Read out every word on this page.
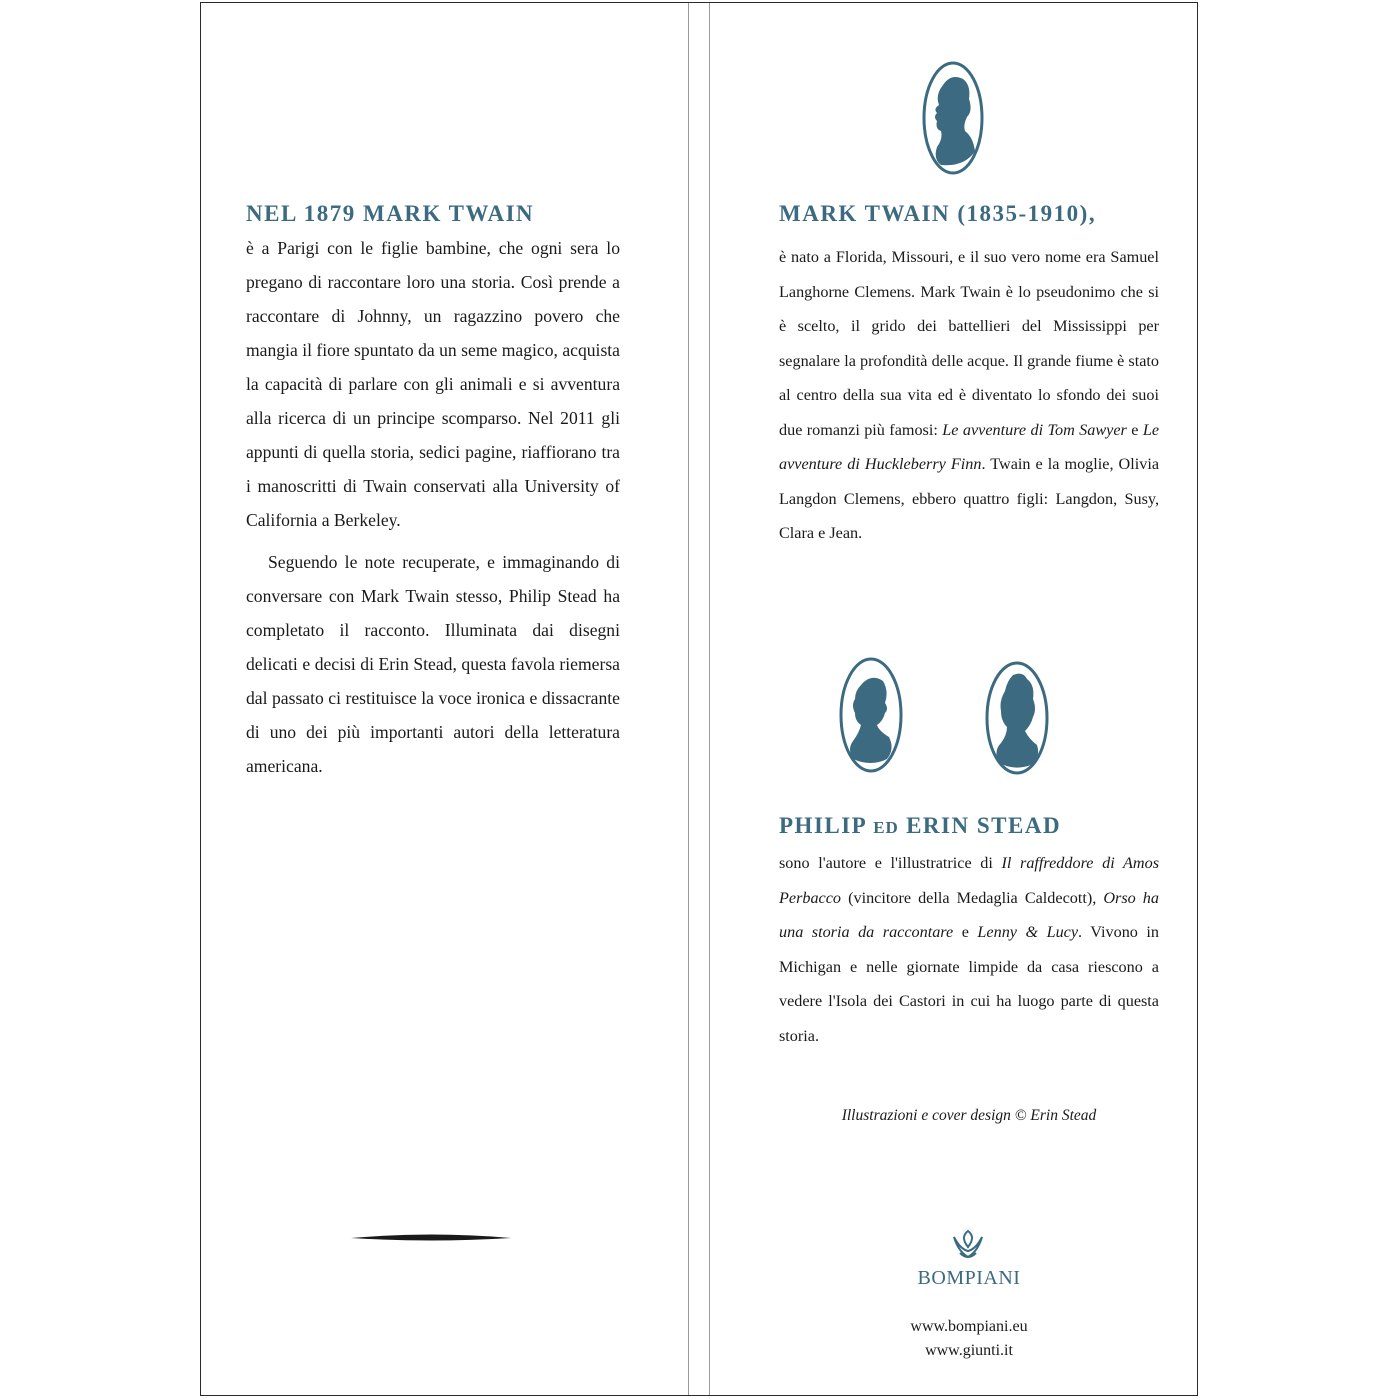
NEL 1879 MARK TWAIN

è a Parigi con le figlie bambine, che ogni sera lo pregano di raccontare loro una storia. Così prende a raccontare di Johnny, un ragazzino povero che mangia il fiore spuntato da un seme magico, acquista la capacità di parlare con gli animali e si avventura alla ricerca di un principe scomparso. Nel 2011 gli appunti di quella storia, sedici pagine, riaffiorano tra i manoscritti di Twain conservati alla University of California a Berkeley.

Seguendo le note recuperate, e immaginando di conversare con Mark Twain stesso, Philip Stead ha completato il racconto. Illuminata dai disegni delicati e decisi di Erin Stead, questa favola riemersa dal passato ci restituisce la voce ironica e dissacrante di uno dei più importanti autori della letteratura americana.

MARK TWAIN (1835-1910),

è nato a Florida, Missouri, e il suo vero nome era Samuel Langhorne Clemens. Mark Twain è lo pseudonimo che si è scelto, il grido dei battellieri del Mississippi per segnalare la profondità delle acque. Il grande fiume è stato al centro della sua vita ed è diventato lo sfondo dei suoi due romanzi più famosi: Le avventure di Tom Sawyer e Le avventure di Huckleberry Finn. Twain e la moglie, Olivia Langdon Clemens, ebbero quattro figli: Langdon, Susy, Clara e Jean.

PHILIP ED ERIN STEAD

sono l'autore e l'illustratrice di Il raffreddore di Amos Perbacco (vincitore della Medaglia Caldecott), Orso ha una storia da raccontare e Lenny & Lucy. Vivono in Michigan e nelle giornate limpide da casa riescono a vedere l'Isola dei Castori in cui ha luogo parte di questa storia.

Illustrazioni e cover design © Erin Stead
BOMPIANI
www.bompiani.eu
www.giunti.it
